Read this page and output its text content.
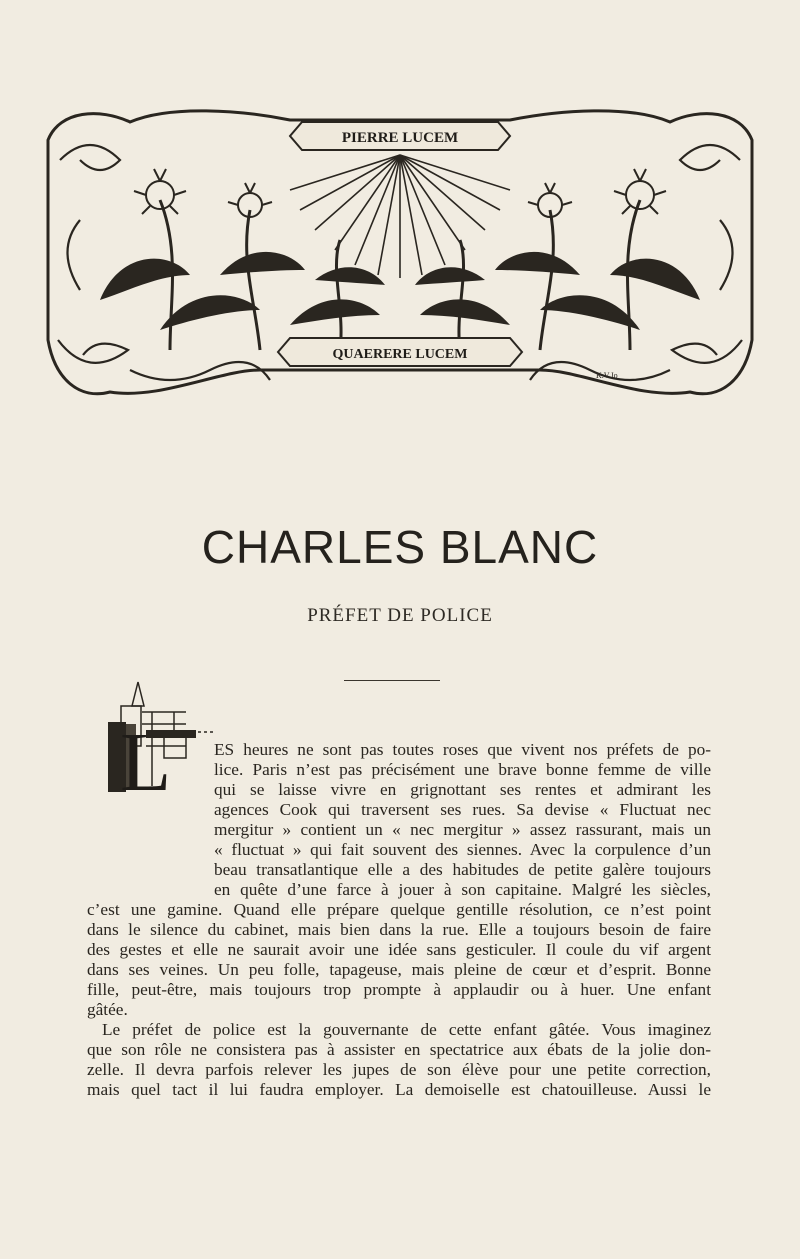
PIERRE LUCEM
QUAERERE LUCEM
K.V.Jo
CHARLES BLANC
PRÉFET DE POLICE
L ES heures ne sont pas toutes roses que vivent nos préfets de po-
lice. Paris n’est pas précisément une brave bonne femme de ville
qui se laisse vivre en grignottant ses rentes et admirant les
agences Cook qui traversent ses rues. Sa devise « Fluctuat nec
mergitur » contient un « nec mergitur » assez rassurant, mais un
« fluctuat » qui fait souvent des siennes. Avec la corpulence d’un
beau transatlantique elle a des habitudes de petite galère toujours
en quête d’une farce à jouer à son capitaine. Malgré les siècles,
c’est une gamine. Quand elle prépare quelque gentille résolution, ce n’est point
dans le silence du cabinet, mais bien dans la rue. Elle a toujours besoin de faire
des gestes et elle ne saurait avoir une idée sans gesticuler. Il coule du vif argent
dans ses veines. Un peu folle, tapageuse, mais pleine de cœur et d’esprit. Bonne
fille, peut-être, mais toujours trop prompte à applaudir ou à huer. Une enfant
gâtée.
Le préfet de police est la gouvernante de cette enfant gâtée. Vous imaginez
que son rôle ne consistera pas à assister en spectatrice aux ébats de la jolie don-
zelle. Il devra parfois relever les jupes de son élève pour une petite correction,
mais quel tact il lui faudra employer. La demoiselle est chatouilleuse. Aussi le
